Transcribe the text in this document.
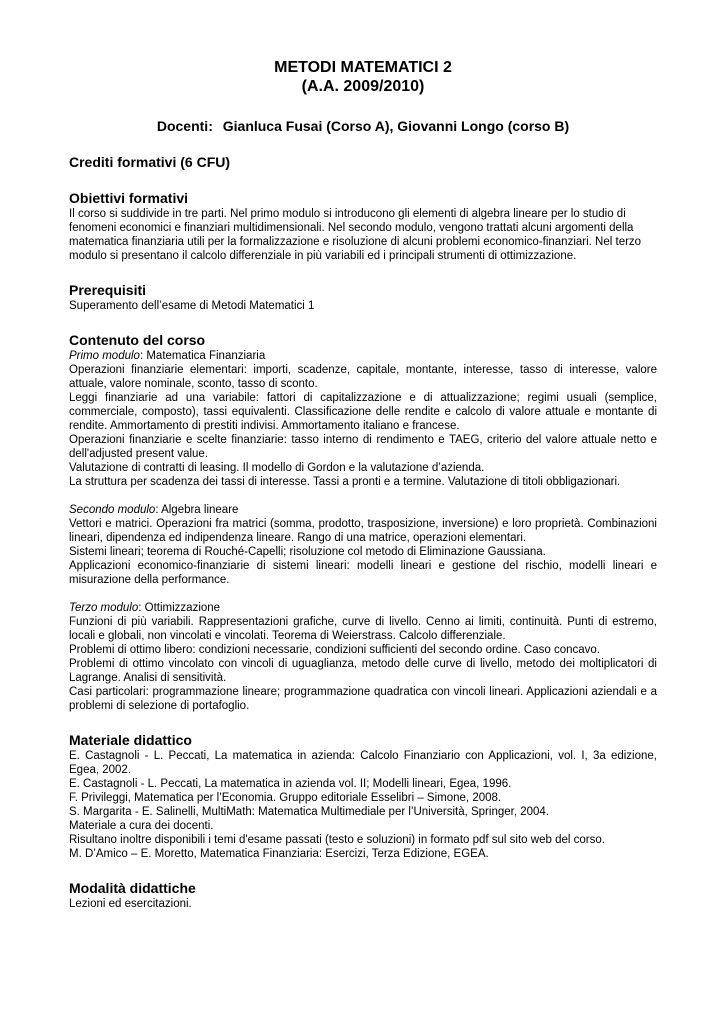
METODI MATEMATICI 2
(A.A. 2009/2010)
Docenti: Gianluca Fusai (Corso A), Giovanni Longo (corso B)
Crediti formativi (6 CFU)
Obiettivi formativi

Il corso si suddivide in tre parti. Nel primo modulo si introducono gli elementi di algebra lineare per lo studio di fenomeni economici e finanziari multidimensionali. Nel secondo modulo, vengono trattati alcuni argomenti della matematica finanziaria utili per la formalizzazione e risoluzione di alcuni problemi economico-finanziari. Nel terzo modulo si presentano il calcolo differenziale in più variabili ed i principali strumenti di ottimizzazione.

Prerequisiti

Superamento dell’esame di Metodi Matematici 1

Contenuto del corso

Primo modulo: Matematica Finanziaria

Operazioni finanziarie elementari: importi, scadenze, capitale, montante, interesse, tasso di interesse, valore attuale, valore nominale, sconto, tasso di sconto.

Leggi finanziarie ad una variabile: fattori di capitalizzazione e di attualizzazione; regimi usuali (semplice, commerciale, composto), tassi equivalenti. Classificazione delle rendite e calcolo di valore attuale e montante di rendite. Ammortamento di prestiti indivisi. Ammortamento italiano e francese.

Operazioni finanziarie e scelte finanziarie: tasso interno di rendimento e TAEG, criterio del valore attuale netto e dell'adjusted present value.

Valutazione di contratti di leasing. Il modello di Gordon e la valutazione d’azienda.

La struttura per scadenza dei tassi di interesse. Tassi a pronti e a termine. Valutazione di titoli obbligazionari.

Secondo modulo: Algebra lineare

Vettori e matrici. Operazioni fra matrici (somma, prodotto, trasposizione, inversione) e loro proprietà. Combinazioni lineari, dipendenza ed indipendenza lineare. Rango di una matrice, operazioni elementari.

Sistemi lineari; teorema di Rouché-Capelli; risoluzione col metodo di Eliminazione Gaussiana.

Applicazioni economico-finanziarie di sistemi lineari: modelli lineari e gestione del rischio, modelli lineari e misurazione della performance.

Terzo modulo: Ottimizzazione

Funzioni di più variabili. Rappresentazioni grafiche, curve di livello. Cenno ai limiti, continuità. Punti di estremo, locali e globali, non vincolati e vincolati. Teorema di Weierstrass. Calcolo differenziale.

Problemi di ottimo libero: condizioni necessarie, condizioni sufficienti del secondo ordine. Caso concavo.

Problemi di ottimo vincolato con vincoli di uguaglianza, metodo delle curve di livello, metodo dei moltiplicatori di Lagrange. Analisi di sensitività.

Casi particolari: programmazione lineare; programmazione quadratica con vincoli lineari. Applicazioni aziendali e a problemi di selezione di portafoglio.

Materiale didattico

E. Castagnoli - L. Peccati, La matematica in azienda: Calcolo Finanziario con Applicazioni, vol. I, 3a edizione, Egea, 2002.

E. Castagnoli - L. Peccati, La matematica in azienda vol. II; Modelli lineari, Egea, 1996.

F. Privileggi, Matematica per l’Economia. Gruppo editoriale Esselibri – Simone, 2008.

S. Margarita - E. Salinelli, MultiMath: Matematica Multimediale per l’Università, Springer, 2004.

Materiale a cura dei docenti.

Risultano inoltre disponibili i temi d'esame passati (testo e soluzioni) in formato pdf sul sito web del corso.

M. D’Amico – E. Moretto, Matematica Finanziaria: Esercizi, Terza Edizione, EGEA.

Modalità didattiche

Lezioni ed esercitazioni.
